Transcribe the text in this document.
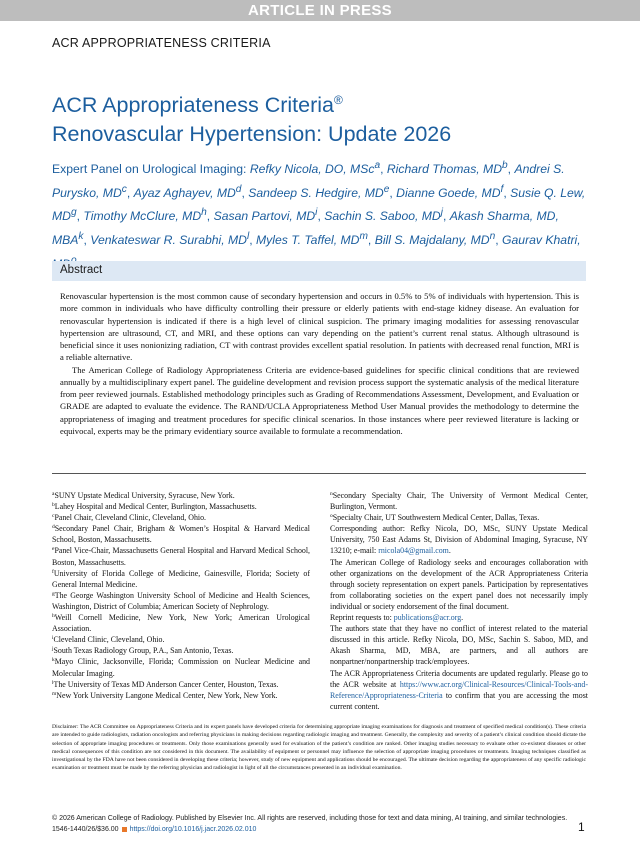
ARTICLE IN PRESS
ACR APPROPRIATENESS CRITERIA
ACR Appropriateness Criteria®
Renovascular Hypertension: Update 2026
Expert Panel on Urological Imaging: Refky Nicola, DO, MSc$^a$, Richard Thomas, $MD^b$, Andrei S. Purysko, $MD^c$, Ayaz Aghayev, $MD^d$, Sandeep S. Hedgire, MDe, Dianne Goede, $MD^f$, Susie Q. Lew, $MD^g$, Timothy McClure, $MD^h$, Sasan Partovi, $MD^i$, Sachin S. Saboo, $MD^j$, Akash Sharma, MD, MBA$^k$, Venkateswar R. Surabhi, $MD^l$, Myles T. Taffel, $MD^m$, Bill S. Majdalany, $MD^n$, Gaurav Khatri,
Abstract

Renovascular hypertension is the most common cause of secondary hypertension and occurs in 0.5% to 5% of individuals with hypertension. This is more common in individuals who have difficulty controlling their pressure or elderly patients with end-stage kidney disease. An evaluation for renovascular hypertension is indicated if there is a high level of clinical suspicion. The primary imaging modalities for assessing renovascular hypertension are ultrasound, CT, and MRI, and these options can vary depending on the patient’s current renal status. Although ultrasound is beneficial since it uses nonionizing radiation, CT with contrast provides excellent spatial resolution. In patients with decreased renal function, MRI is a reliable alternative.

The American College of Radiology Appropriateness Criteria are evidence-based guidelines for specific clinical conditions that are reviewed annually by a multidisciplinary expert panel. The guideline development and revision process support the systematic analysis of the medical literature from peer reviewed journals. Established methodology principles such as Grading of Recommendations Assessment, Development, and Evaluation or GRADE are adapted to evaluate the evidence. The RAND/UCLA Appropriateness Method User Manual provides the methodology to determine the appropriateness of imaging and treatment procedures for specific clinical scenarios. In those instances where peer reviewed literature is lacking or equivocal, experts may be the primary evidentiary source available to formulate a recommendation.

$^a$SUNY Upstate Medical University, Syracuse, New York.
$^b$Lahey Hospital and Medical Center, Burlington, Massachusetts.
$^c$Panel Chair, Cleveland Clinic, Cleveland, Ohio.
$^d$Secondary Panel Chair, Brigham & Women’s Hospital & Harvard Medical School, Boston, Massachusetts.
$^e$Panel Vice-Chair, Massachusetts General Hospital and Harvard Medical School, Boston, Massachusetts.
$^f$University of Florida College of Medicine, Gainesville, Florida; Society of General Internal Medicine.
$^g$The George Washington University School of Medicine and Health Sciences, Washington, District of Columbia; American Society of Nephrology.
$^h$Weill Cornell Medicine, New York, New York; American Urological Association.
$^i$Cleveland Clinic, Cleveland, Ohio.
$^j$South Texas Radiology Group, P.A., San Antonio, Texas.
$^k$Mayo Clinic, Jacksonville, Florida; Commission on Nuclear Medicine and Molecular Imaging.
$^l$The University of Texas MD Anderson Cancer Center, Houston, Texas.
$^m$New York University Langone Medical Center, New York, New York.
$^n$Secondary Specialty Chair, The University of Vermont Medical Center, Burlington, Vermont.
$^o$Specialty Chair, UT Southwestern Medical Center, Dallas, Texas.
Corresponding author: Refky Nicola, DO, MSc, SUNY Upstate Medical University, 750 East Adams St, Division of Abdominal Imaging, Syracuse, NY 13210; e-mail: rnicola04@gmail.com.
The American College of Radiology seeks and encourages collaboration with other organizations on the development of the ACR Appropriateness Criteria through society representation on expert panels. Participation by representatives from collaborating societies on the expert panel does not necessarily imply individual or society endorsement of the final document.
Reprint requests to: publications@acr.org.
The authors state that they have no conflict of interest related to the material discussed in this article. Refky Nicola, DO, MSc, Sachin S. Saboo, MD, and Akash Sharma, MD, MBA, are partners, and all authors are nonpartner/nonpartnership track/employees.
The ACR Appropriateness Criteria documents are updated regularly. Please go to the ACR website at https://www.acr.org/Clinical-Resources/Clinical-Tools-and-Reference/Appropriateness-Criteria to confirm that you are accessing the most current content.
Disclaimer: The ACR Committee on Appropriateness Criteria and its expert panels have developed criteria for determining appropriate imaging examinations for diagnosis and treatment of specified medical condition(s). These criteria are intended to guide radiologists, radiation oncologists and referring physicians in making decisions regarding radiologic imaging and treatment. Generally, the complexity and severity of a patient’s clinical condition should dictate the selection of appropriate imaging procedures or treatments. Only those examinations generally used for evaluation of the patient’s condition are ranked. Other imaging studies necessary to evaluate other co-existent diseases or other medical consequences of this condition are not considered in this document. The availability of equipment or personnel may influence the selection of appropriate imaging procedures or treatments. Imaging techniques classified as investigational by the FDA have not been considered in developing these criteria; however, study of new equipment and applications should be encouraged. The ultimate decision regarding the appropriateness of any specific radiologic examination or treatment must be made by the referring physician and radiologist in light of all the circumstances presented in an individual examination.
© 2026 American College of Radiology. Published by Elsevier Inc. All rights are reserved, including those for text and data mining, AI training, and similar technologies.
1546-1440/26/$36.00 https://doi.org/10.1016/j.jacr.2026.02.010	1
